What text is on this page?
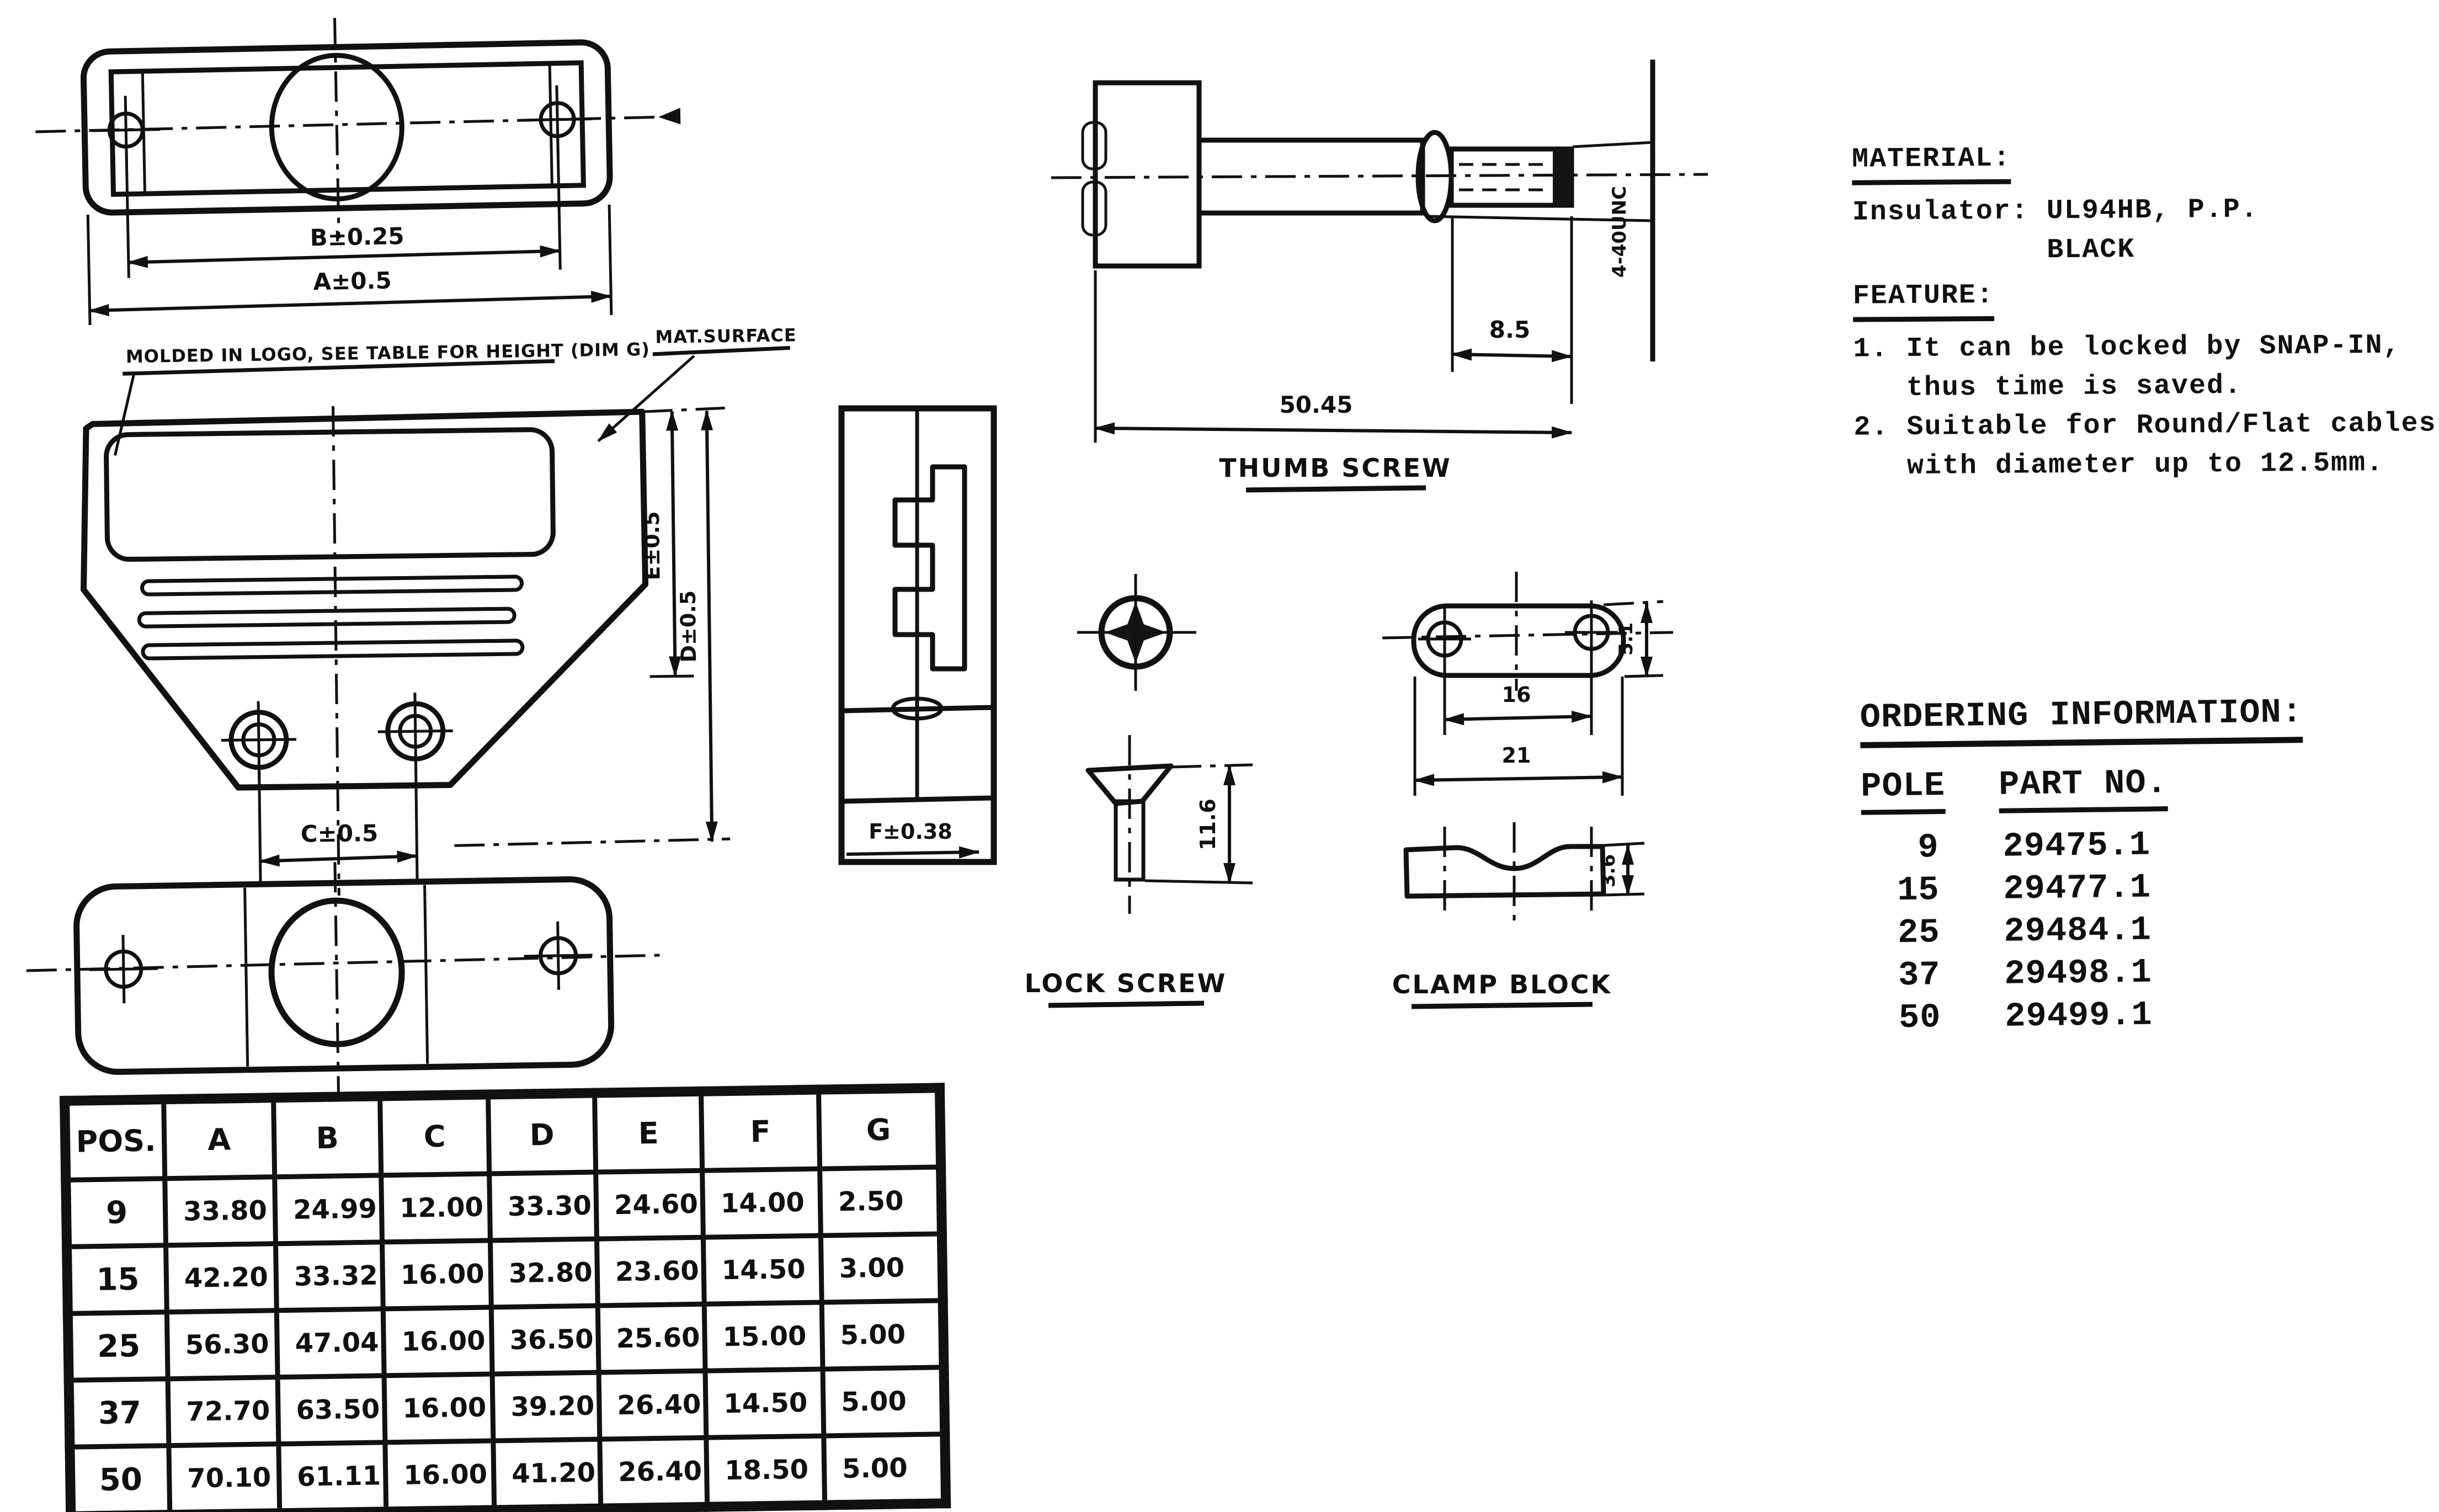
B±0.25
A±0.5
MOLDED IN LOGO, SEE TABLE FOR HEIGHT (DIM G)
MAT.SURFACE
C±0.5
E±0.5
D±0.5
F±0.38
4-40UNC
8.5
50.45
THUMB SCREW
11.6
LOCK SCREW
16
21
5.1
3.6
CLAMP BLOCK
MATERIAL:
Insulator: UL94HB, P.P.
BLACK
FEATURE:
1. It can be locked by SNAP-IN,
thus time is saved.
2. Suitable for Round/Flat cables
with diameter up to 12.5mm.
ORDERING INFORMATION:
POLE	PART NO.
9 29475.1
15 29477.1
25 29484.1
37 29498.1
50 29499.1
POS.	A	B	C	D	E	F	G
9	33.80	24.99	12.00	33.30	24.60	14.00	2.50
15	42.20	33.32	16.00	32.80	23.60	14.50	3.00
25	56.30	47.04	16.00	36.50	25.60	15.00	5.00
37	72.70	63.50	16.00	39.20	26.40	14.50	5.00
50	70.10	61.11	16.00	41.20	26.40	18.50	5.00
